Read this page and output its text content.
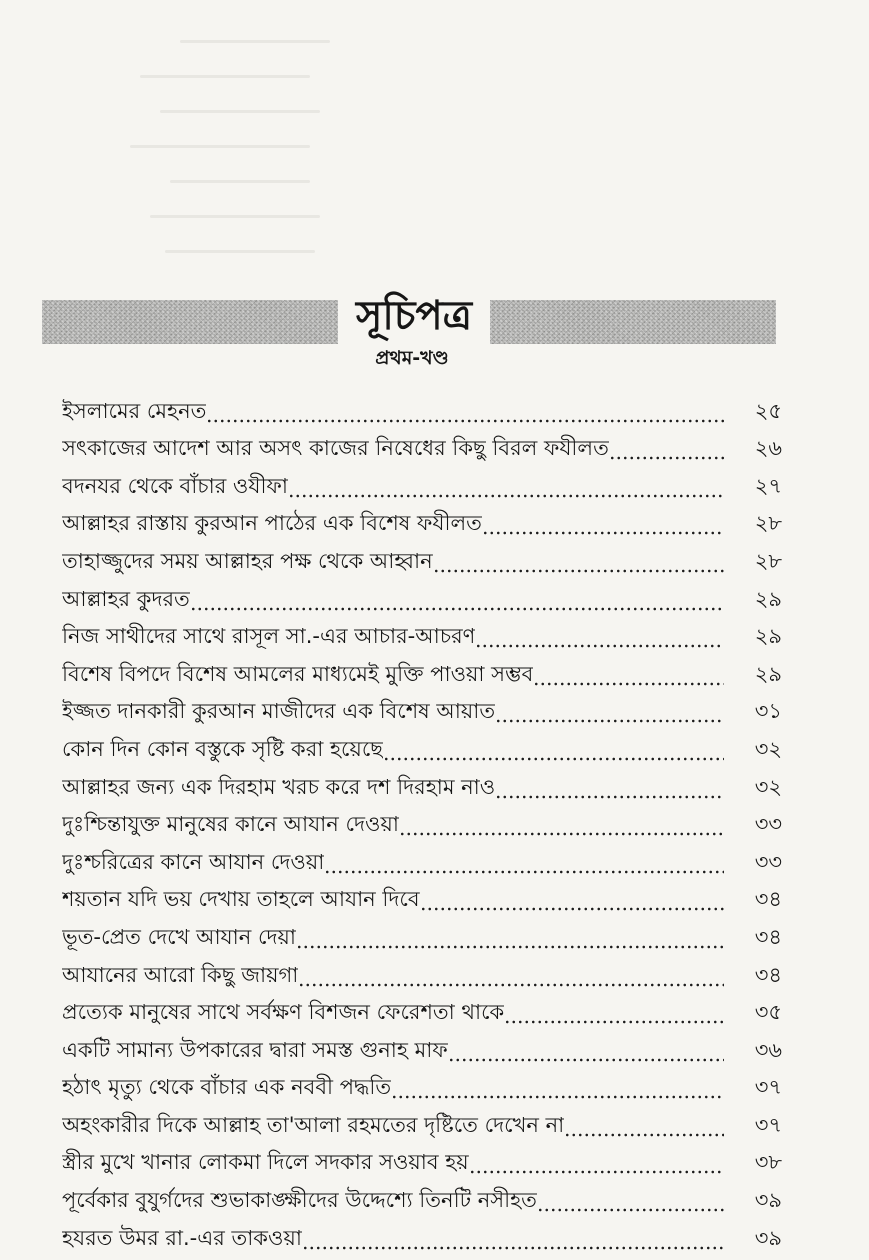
সূচিপত্র
প্রথম-খণ্ড
ইসলামের মেহনত	২৫
সৎকাজের আদেশ আর অসৎ কাজের নিষেধের কিছু বিরল ফযীলত	২৬
বদনযর থেকে বাঁচার ওযীফা	২৭
আল্লাহর রাস্তায় কুরআন পাঠের এক বিশেষ ফযীলত	২৮
তাহাজ্জুদের সময় আল্লাহর পক্ষ থেকে আহ্বান	২৮
আল্লাহর কুদরত	২৯
নিজ সাথীদের সাথে রাসূল সা.-এর আচার-আচরণ	২৯
বিশেষ বিপদে বিশেষ আমলের মাধ্যমেই মুক্তি পাওয়া সম্ভব	২৯
ইজ্জত দানকারী কুরআন মাজীদের এক বিশেষ আয়াত	৩১
কোন দিন কোন বস্তুকে সৃষ্টি করা হয়েছে	৩২
আল্লাহর জন্য এক দিরহাম খরচ করে দশ দিরহাম নাও	৩২
দুঃশ্চিন্তাযুক্ত মানুষের কানে আযান দেওয়া	৩৩
দুঃশ্চরিত্রের কানে আযান দেওয়া	৩৩
শয়তান যদি ভয় দেখায় তাহলে আযান দিবে	৩৪
ভূত-প্রেত দেখে আযান দেয়া	৩৪
আযানের আরো কিছু জায়গা	৩৪
প্রত্যেক মানুষের সাথে সর্বক্ষণ বিশজন ফেরেশতা থাকে	৩৫
একটি সামান্য উপকারের দ্বারা সমস্ত গুনাহ মাফ	৩৬
হঠাৎ মৃত্যু থেকে বাঁচার এক নববী পদ্ধতি	৩৭
অহংকারীর দিকে আল্লাহ তা'আলা রহমতের দৃষ্টিতে দেখেন না	৩৭
স্ত্রীর মুখে খানার লোকমা দিলে সদকার সওয়াব হয়	৩৮
পূর্বেকার বুযুর্গদের শুভাকাঙ্ক্ষীদের উদ্দেশ্যে তিনটি নসীহত	৩৯
হযরত উমর রা.-এর তাকওয়া	৩৯
